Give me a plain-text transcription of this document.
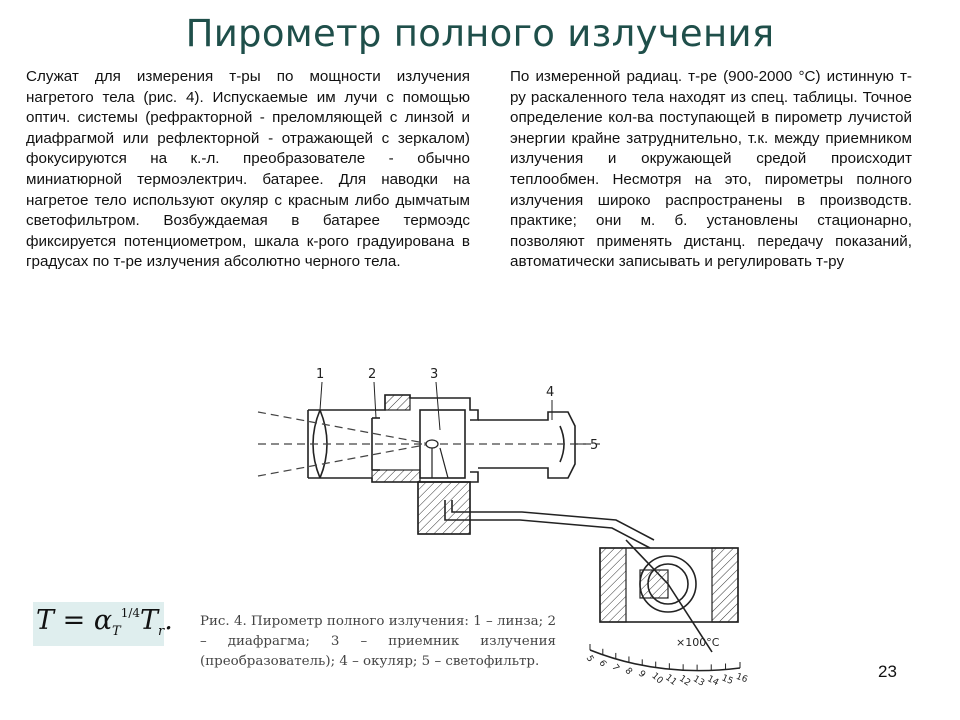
Пирометр полного излучения

Служат для измерения т-ры по мощности излучения нагретого тела (рис. 4). Испускаемые им лучи с помощью оптич. системы (рефракторной - преломляющей с линзой и диафрагмой или рефлекторной - отражающей с зеркалом) фокусируются на к.-л. преобразователе - обычно миниатюрной термоэлектрич. батарее. Для наводки на нагретое тело используют окуляр с красным либо дымчатым светофильтром. Возбуждаемая в батарее термоэдс фиксируется потенциометром, шкала к-рого градуирована в градусах по т-ре излучения абсолютно черного тела.

По измеренной радиац. т-ре (900-2000 °С) истинную т-ру раскаленного тела находят из спец. таблицы. Точное определение кол-ва поступающей в пирометр лучистой энергии крайне затруднительно, т.к. между приемником излучения и окружающей средой происходит теплообмен. Несмотря на это, пирометры полного излучения широко распространены в производств. практике; они м. б. установлены стационарно, позволяют применять дистанц. передачу показаний, автоматически записывать и регулировать т-ру

1	2	3
4
5
×100°C
5 6 7 8 9 10
11
12
13 14 15 16
$T = \alpha_T^{1/4}T_r$. Рис. 4. Пирометр полного излучения: 1 – линза; 2 – диафрагма; 3 – приемник излучения (преобразователь); 4 – окуляр; 5 – светофильтр.
23
